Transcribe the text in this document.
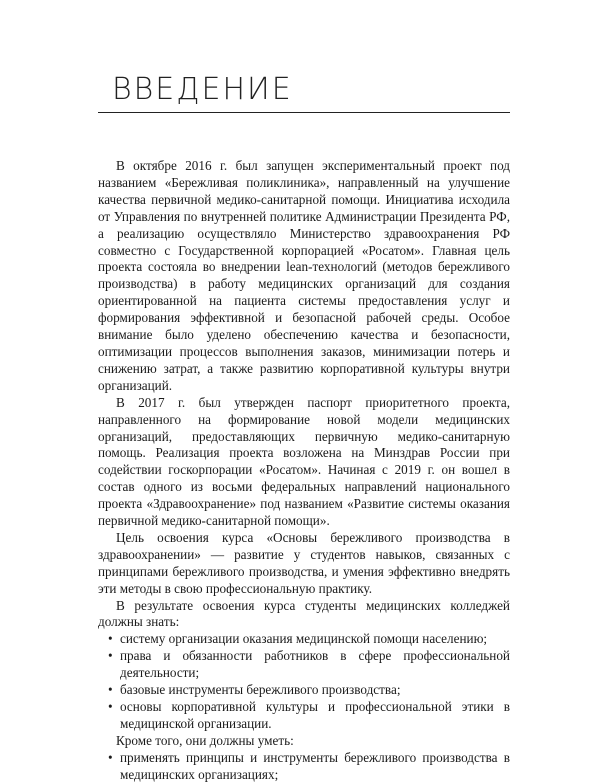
ВВЕДЕНИЕ

В октябре 2016 г. был запущен экспериментальный проект под названием «Бережливая поликлиника», направленный на улучшение качества первичной медико-санитарной помощи. Инициатива исходила от Управления по внутренней политике Администрации Президента РФ, а реализацию осуществляло Министерство здравоохранения РФ совместно с Государственной корпорацией «Росатом». Главная цель проекта состояла во внедрении lean-технологий (методов бережливого производства) в работу медицинских организаций для создания ориентированной на пациента системы предоставления услуг и формирования эффективной и безопасной рабочей среды. Особое внимание было уделено обеспечению качества и безопасности, оптимизации процессов выполнения заказов, минимизации потерь и снижению затрат, а также развитию корпоративной культуры внутри организаций.

В 2017 г. был утвержден паспорт приоритетного проекта, направленного на формирование новой модели медицинских организаций, предоставляющих первичную медико-санитарную помощь. Реализация проекта возложена на Минздрав России при содействии госкорпорации «Росатом». Начиная с 2019 г. он вошел в состав одного из восьми федеральных направлений национального проекта «Здравоохранение» под названием «Развитие системы оказания первичной медико-санитарной помощи».

Цель освоения курса «Основы бережливого производства в здравоохранении» — развитие у студентов навыков, связанных с принципами бережливого производства, и умения эффективно внедрять эти методы в свою профессиональную практику.

В результате освоения курса студенты медицинских колледжей должны знать:

• систему организации оказания медицинской помощи населению;
• права и обязанности работников в сфере профессиональной деятельности;
• базовые инструменты бережливого производства;
• основы корпоративной культуры и профессиональной этики в медицинской организации.

Кроме того, они должны уметь:

• применять принципы и инструменты бережливого производства в медицинских организациях;
